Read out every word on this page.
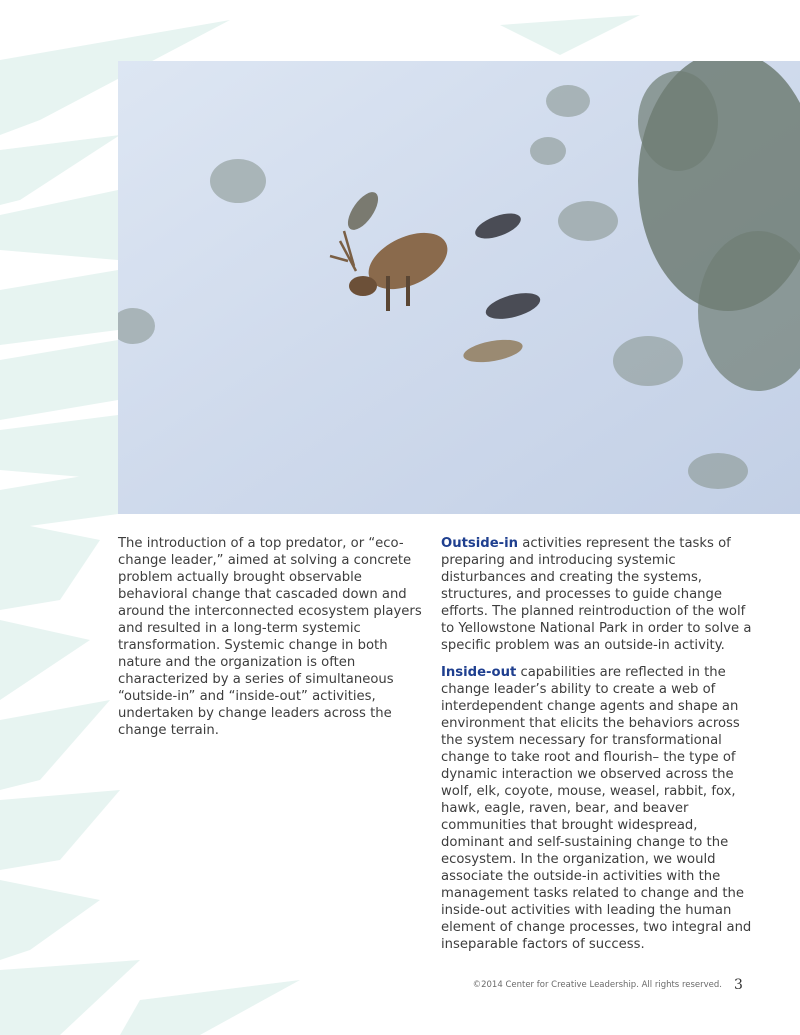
The introduction of a top predator, or “eco-change leader,” aimed at solving a concrete problem actually brought observable behavioral change that cascaded down and around the interconnected ecosystem players and resulted in a long-term systemic transformation. Systemic change in both nature and the organization is often characterized by a series of simultaneous “outside-in” and “inside-out” activities, undertaken by change leaders across the change terrain.

Outside-in activities represent the tasks of preparing and introducing systemic disturbances and creating the systems, structures, and processes to guide change efforts. The planned reintroduction of the wolf to Yellowstone National Park in order to solve a specific problem was an outside-in activity.

Inside-out capabilities are reflected in the change leader’s ability to create a web of interdependent change agents and shape an environment that elicits the behaviors across the system necessary for transformational change to take root and flourish– the type of dynamic interaction we observed across the wolf, elk, coyote, mouse, weasel, rabbit, fox, hawk, eagle, raven, bear, and beaver communities that brought widespread, dominant and self-sustaining change to the ecosystem. In the organization, we would associate the outside-in activities with the management tasks related to change and the inside-out activities with leading the human element of change processes, two integral and inseparable factors of success.

©2014 Center for Creative Leadership. All rights reserved. 3
